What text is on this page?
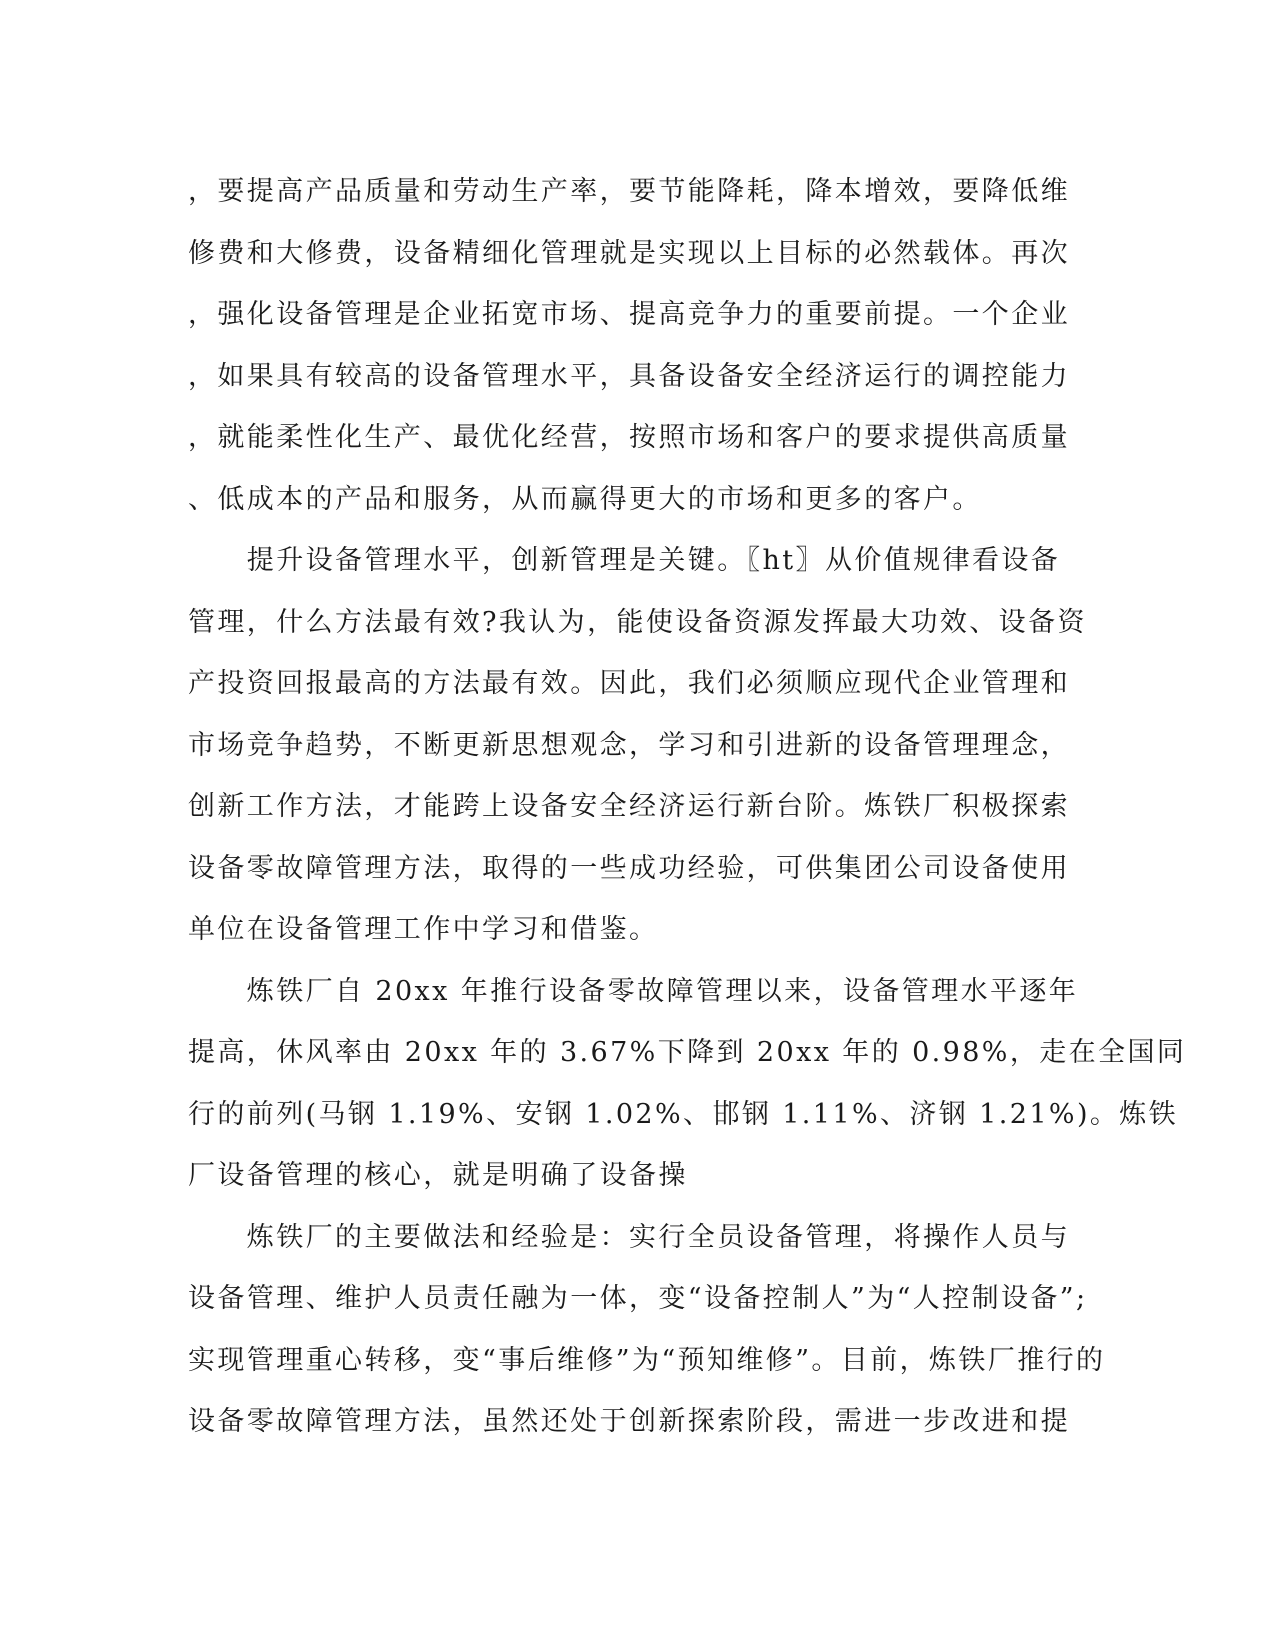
，要提高产品质量和劳动生产率，要节能降耗，降本增效，要降低维
修费和大修费，设备精细化管理就是实现以上目标的必然载体。再次
，强化设备管理是企业拓宽市场、提高竞争力的重要前提。一个企业
，如果具有较高的设备管理水平，具备设备安全经济运行的调控能力
，就能柔性化生产、最优化经营，按照市场和客户的要求提供高质量
、低成本的产品和服务，从而赢得更大的市场和更多的客户。
　　提升设备管理水平，创新管理是关键。〖ht〗从价值规律看设备
管理，什么方法最有效?我认为，能使设备资源发挥最大功效、设备资
产投资回报最高的方法最有效。因此，我们必须顺应现代企业管理和
市场竞争趋势，不断更新思想观念，学习和引进新的设备管理理念，
创新工作方法，才能跨上设备安全经济运行新台阶。炼铁厂积极探索
设备零故障管理方法，取得的一些成功经验，可供集团公司设备使用
单位在设备管理工作中学习和借鉴。
　　炼铁厂自 20xx 年推行设备零故障管理以来，设备管理水平逐年
提高，休风率由 20xx 年的 3.67%下降到 20xx 年的 0.98%，走在全国同
行的前列(马钢 1.19%、安钢 1.02%、邯钢 1.11%、济钢 1.21%)。炼铁
厂设备管理的核心，就是明确了设备操
　　炼铁厂的主要做法和经验是：实行全员设备管理，将操作人员与
设备管理、维护人员责任融为一体，变“设备控制人”为“人控制设备”;
实现管理重心转移，变“事后维修”为“预知维修”。目前，炼铁厂推行的
设备零故障管理方法，虽然还处于创新探索阶段，需进一步改进和提
